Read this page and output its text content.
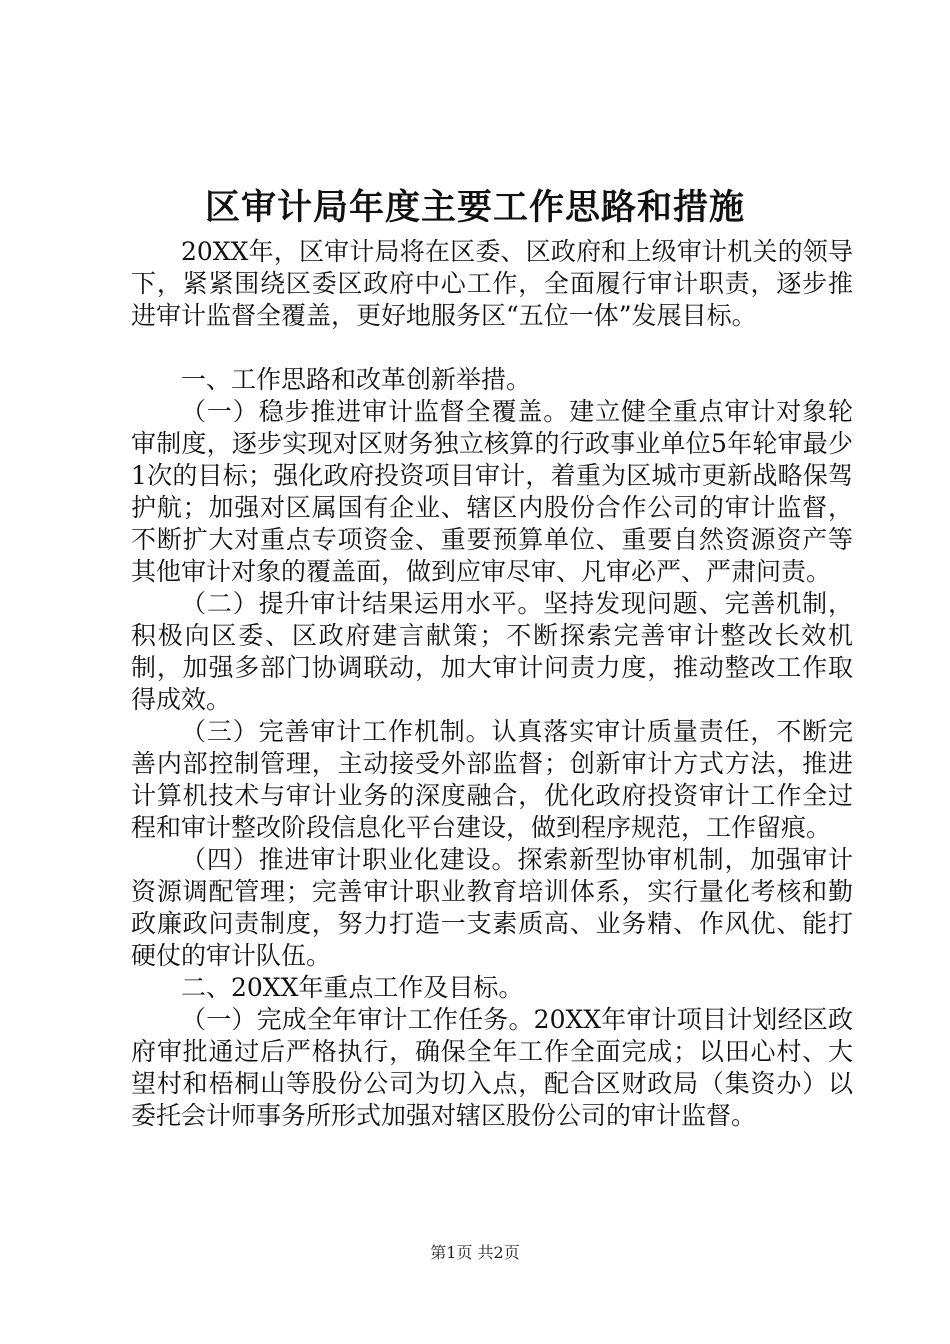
区审计局年度主要工作思路和措施

20XX年，区审计局将在区委、区政府和上级审计机关的领导下，紧紧围绕区委区政府中心工作，全面履行审计职责，逐步推进审计监督全覆盖，更好地服务区“五位一体”发展目标。

一、工作思路和改革创新举措。

（一）稳步推进审计监督全覆盖。建立健全重点审计对象轮审制度，逐步实现对区财务独立核算的行政事业单位5年轮审最少1次的目标；强化政府投资项目审计，着重为区城市更新战略保驾护航；加强对区属国有企业、辖区内股份合作公司的审计监督，不断扩大对重点专项资金、重要预算单位、重要自然资源资产等其他审计对象的覆盖面，做到应审尽审、凡审必严、严肃问责。

（二）提升审计结果运用水平。坚持发现问题、完善机制，积极向区委、区政府建言献策；不断探索完善审计整改长效机制，加强多部门协调联动，加大审计问责力度，推动整改工作取得成效。

（三）完善审计工作机制。认真落实审计质量责任，不断完善内部控制管理，主动接受外部监督；创新审计方式方法，推进计算机技术与审计业务的深度融合，优化政府投资审计工作全过程和审计整改阶段信息化平台建设，做到程序规范，工作留痕。

（四）推进审计职业化建设。探索新型协审机制，加强审计资源调配管理；完善审计职业教育培训体系，实行量化考核和勤政廉政问责制度，努力打造一支素质高、业务精、作风优、能打硬仗的审计队伍。

二、20XX年重点工作及目标。

（一）完成全年审计工作任务。20XX年审计项目计划经区政府审批通过后严格执行，确保全年工作全面完成；以田心村、大望村和梧桐山等股份公司为切入点，配合区财政局（集资办）以委托会计师事务所形式加强对辖区股份公司的审计监督。

第1页 共2页
